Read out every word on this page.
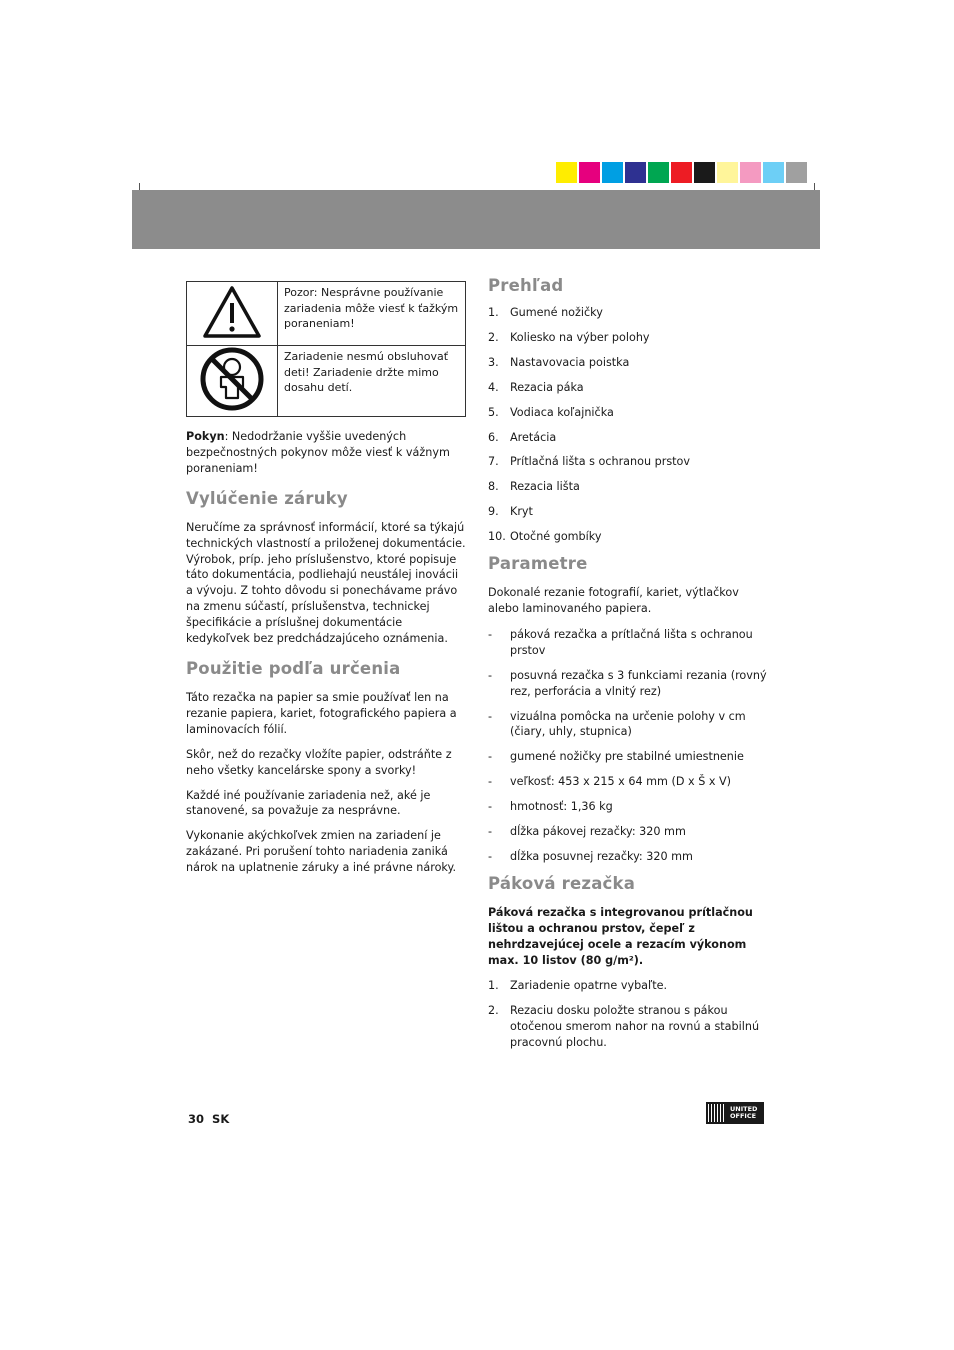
	Pozor: Nesprávne používanie zariadenia môže viesť k ťažkým poraneniam!
	Zariadenie nesmú obsluhovať deti! Zariadenie držte mimo dosahu detí.

Pokyn: Nedodržanie vyššie uvedených bezpečnostných pokynov môže viesť k vážnym poraneniam!

Vylúčenie záruky

Neručíme za správnosť informácií, ktoré sa týkajú technických vlastností a priloženej dokumentácie. Výrobok, príp. jeho príslušenstvo, ktoré popisuje táto dokumentácia, podliehajú neustálej inovácii a vývoju. Z tohto dôvodu si ponechávame právo na zmenu súčastí, príslušenstva, technickej špecifikácie a príslušnej dokumentácie kedykoľvek bez predchádzajúceho oznámenia.

Použitie podľa určenia

Táto rezačka na papier sa smie používať len na rezanie papiera, kariet, fotografického papiera a laminovacích fólií.

Skôr, než do rezačky vložíte papier, odstráňte z neho všetky kancelárske spony a svorky!

Každé iné používanie zariadenia než, aké je stanovené, sa považuje za nesprávne.

Vykonanie akýchkoľvek zmien na zariadení je zakázané. Pri porušení tohto nariadenia zaniká nárok na uplatnenie záruky a iné právne nároky.

Prehľad
1.	Gumené nožičky
2.	Koliesko na výber polohy
3.	Nastavovacia poistka
4.	Rezacia páka
5.	Vodiaca koľajnička
6.	Aretácia
7.	Prítlačná lišta s ochranou prstov
8.	Rezacia lišta
9.	Kryt
10. Otočné gombíky
Parametre

Dokonalé rezanie fotografií, kariet, výtlačkov alebo laminovaného papiera.

-	páková rezačka a prítlačná lišta s ochranou prstov
-	posuvná rezačka s 3 funkciami rezania (rovný rez, perforácia a vlnitý rez)
-	vizuálna pomôcka na určenie polohy v cm (čiary, uhly, stupnica)
-	gumené nožičky pre stabilné umiestnenie
-	veľkosť: 453 x 215 x 64 mm (D x Š x V)
-	hmotnosť: 1,36 kg
-	dĺžka pákovej rezačky: 320 mm
-	dĺžka posuvnej rezačky: 320 mm
Páková rezačka

Páková rezačka s integrovanou prítlačnou lištou a ochranou prstov, čepeľ z nehrdzavejúcej ocele a rezacím výkonom max. 10 listov (80 g/m²).

1.	Zariadenie opatrne vybaľte.
2.	Rezaciu dosku položte stranou s pákou otočenou smerom nahor na rovnú a stabilnú pracovnú plochu.
30 SK
UNITED
OFFICE
